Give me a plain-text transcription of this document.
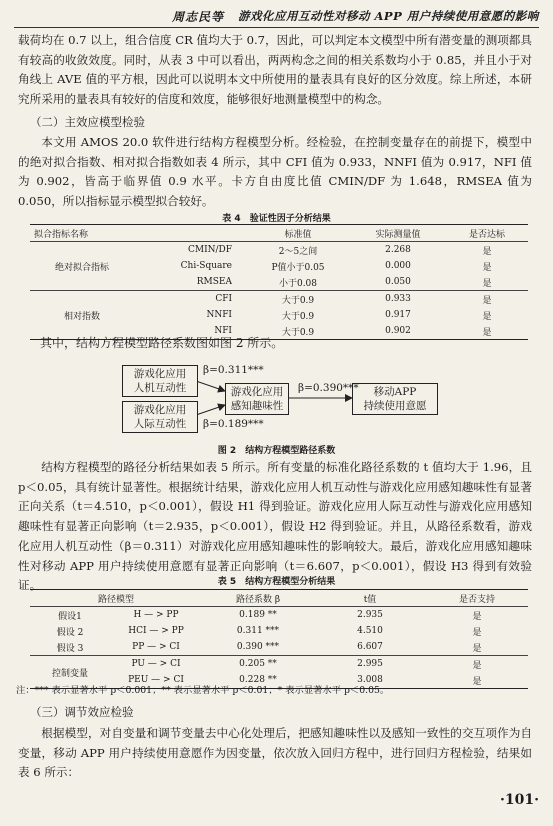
周志民等 游戏化应用互动性对移动 APP 用户持续使用意愿的影响

载荷均在 0.7 以上，组合信度 CR 值均大于 0.7，因此，可以判定本文模型中所有潜变量的测项都具有较高的收敛效度。同时，从表 3 中可以看出，两两构念之间的相关系数均小于 0.85，并且小于对角线上 AVE 值的平方根，因此可以说明本文中所使用的量表具有良好的区分效度。综上所述，本研究所采用的量表具有较好的信度和效度，能够很好地测量模型中的构念。

（二）主效应模型检验

本文用 AMOS 20.0 软件进行结构方程模型分析。经检验，在控制变量存在的前提下，模型中的绝对拟合指数、相对拟合指数如表 4 所示，其中 CFI 值为 0.933，NNFI 值为 0.917，NFI 值为 0.902，皆高于临界值 0.9 水平。卡方自由度比值 CMIN/DF 为 1.648，RMSEA 值为 0.050，所以指标显示模型拟合较好。

表 4　验证性因子分析结果

拟合指标名称		标准值	实际测量值	是否达标
绝对拟合指标	CMIN/DF	2～5之间	2.268	是
	Chi-Square	P值小于0.05	0.000	是
	RMSEA	小于0.08	0.050	是
相对指数	CFI	大于0.9	0.933	是
	NNFI	大于0.9	0.917	是
	NFI	大于0.9	0.902	是

其中，结构方程模型路径系数图如图 2 所示。

游戏化应用
人机互动性
游戏化应用
人际互动性
游戏化应用
感知趣味性
移动APP
持续使用意愿
β=0.311***
β=0.189***
β=0.390***

图 2　结构方程模型路径系数

结构方程模型的路径分析结果如表 5 所示。所有变量的标准化路径系数的 t 值均大于 1.96，且 p＜0.05，具有统计显著性。根据统计结果，游戏化应用人机互动性与游戏化应用感知趣味性有显著正向关系（t＝4.510，p＜0.001），假设 H1 得到验证。游戏化应用人际互动性与游戏化应用感知趣味性有显著正向影响（t＝2.935，p＜0.001），假设 H2 得到验证。并且，从路径系数看，游戏化应用人机互动性（β＝0.311）对游戏化应用感知趣味性的影响较大。最后，游戏化应用感知趣味性对移动 APP 用户持续使用意愿有显著正向影响（t＝6.607，p＜0.001），假设 H3 得到有效验证。	表 5　结构方程模型分析结果

路径模型		路径系数 β	t值	是否支持
假设1	H — > PP	0.189 **	2.935	是
假设 2	HCI — > PP	0.311 ***	4.510	是
假设 3	PP — > CI	0.390 ***	6.607	是
控制变量	PU — > CI	0.205 **	2.995	是
	PEU — > CI	0.228 **	3.008	是

注：*** 表示显著水平 p＜0.001；** 表示显著水平 p＜0.01；* 表示显著水平 p＜0.05。

（三）调节效应检验

根据模型，对自变量和调节变量去中心化处理后，把感知趣味性以及感知一致性的交互项作为自变量，移动 APP 用户持续使用意愿作为因变量，依次放入回归方程中，进行回归方程检验，结果如表 6 所示：

·101·
